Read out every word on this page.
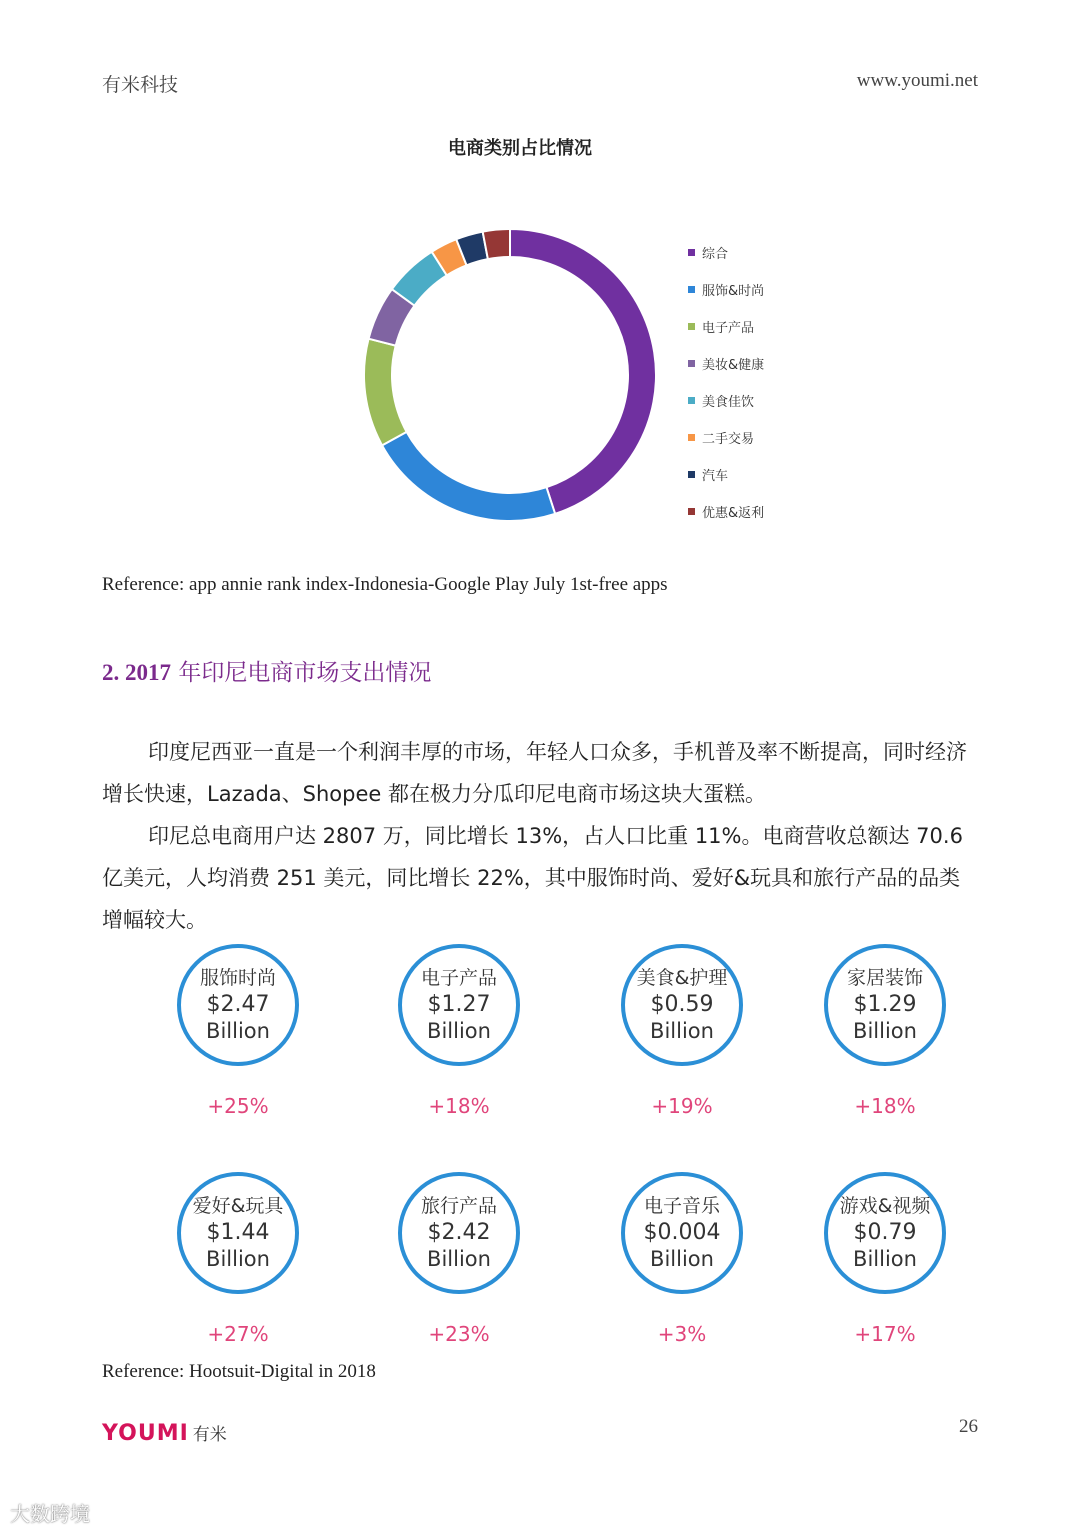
有米科技	www.youmi.net
电商类别占比情况
综合
服饰&时尚
电子产品
美妆&健康
美食佳饮
二手交易
汽车
优惠&返利
Reference: app annie rank index-Indonesia-Google Play July 1st-free apps
2. 2017 年印尼电商市场支出情况

印度尼西亚一直是一个利润丰厚的市场，年轻人口众多，手机普及率不断提高，同时经济增长快速，Lazada、Shopee 都在极力分瓜印尼电商市场这块大蛋糕。

印尼总电商用户达 2807 万，同比增长 13%，占人口比重 11%。电商营收总额达 70.6 亿美元，人均消费 251 美元，同比增长 22%，其中服饰时尚、爱好&玩具和旅行产品的品类增幅较大。

服饰时尚
$2.47
Billion
+25%
电子产品
$1.27
Billion
+18%
美食&护理
$0.59
Billion
+19%
家居装饰
$1.29
Billion
+18%
爱好&玩具
$1.44
Billion
+27%
旅行产品
$2.42
Billion
+23%
电子音乐
$0.004
Billion
+3%
游戏&视频
$0.79
Billion
+17%
Reference: Hootsuit-Digital in 2018
YOUMI 有米	26
大数跨境
